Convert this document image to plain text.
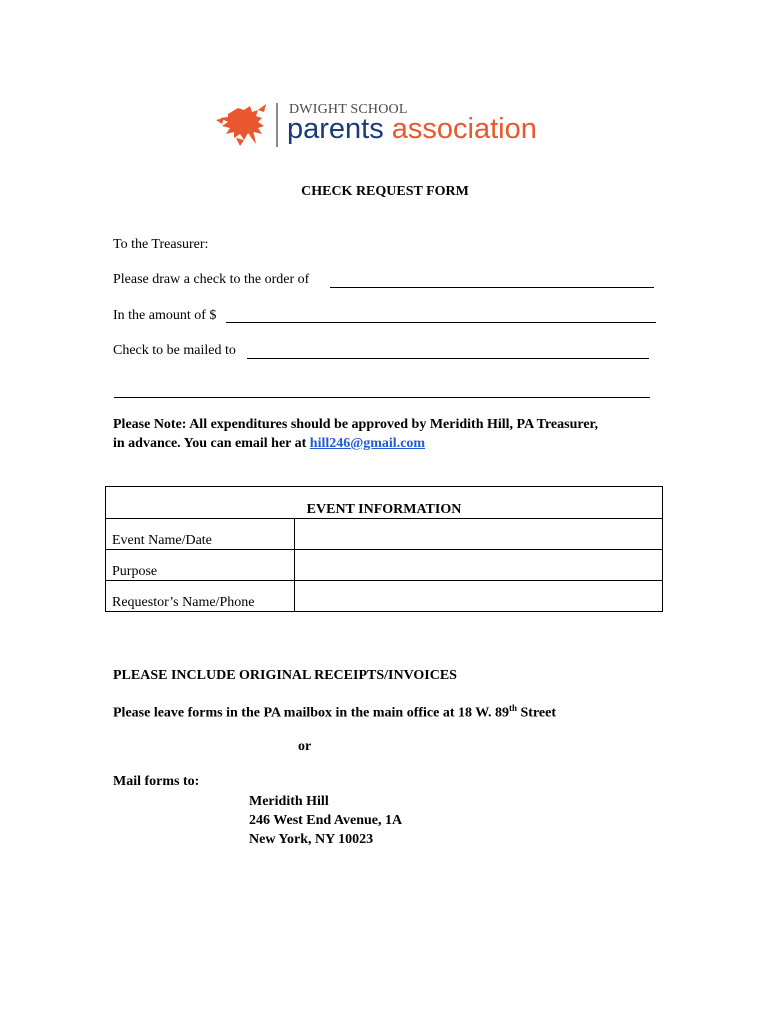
DWIGHT SCHOOL
parents association
CHECK REQUEST FORM
To the Treasurer:
Please draw a check to the order of
In the amount of $
Check to be mailed to
Please Note: All expenditures should be approved by Meridith Hill, PA Treasurer,
in advance. You can email her at hill246@gmail.com
EVENT INFORMATION	
Event Name/Date	
Purpose	
Requestor’s Name/Phone	
PLEASE INCLUDE ORIGINAL RECEIPTS/INVOICES
Please leave forms in the PA mailbox in the main office at 18 W. 89th Street
or
Mail forms to:
Meridith Hill
246 West End Avenue, 1A
New York, NY 10023
